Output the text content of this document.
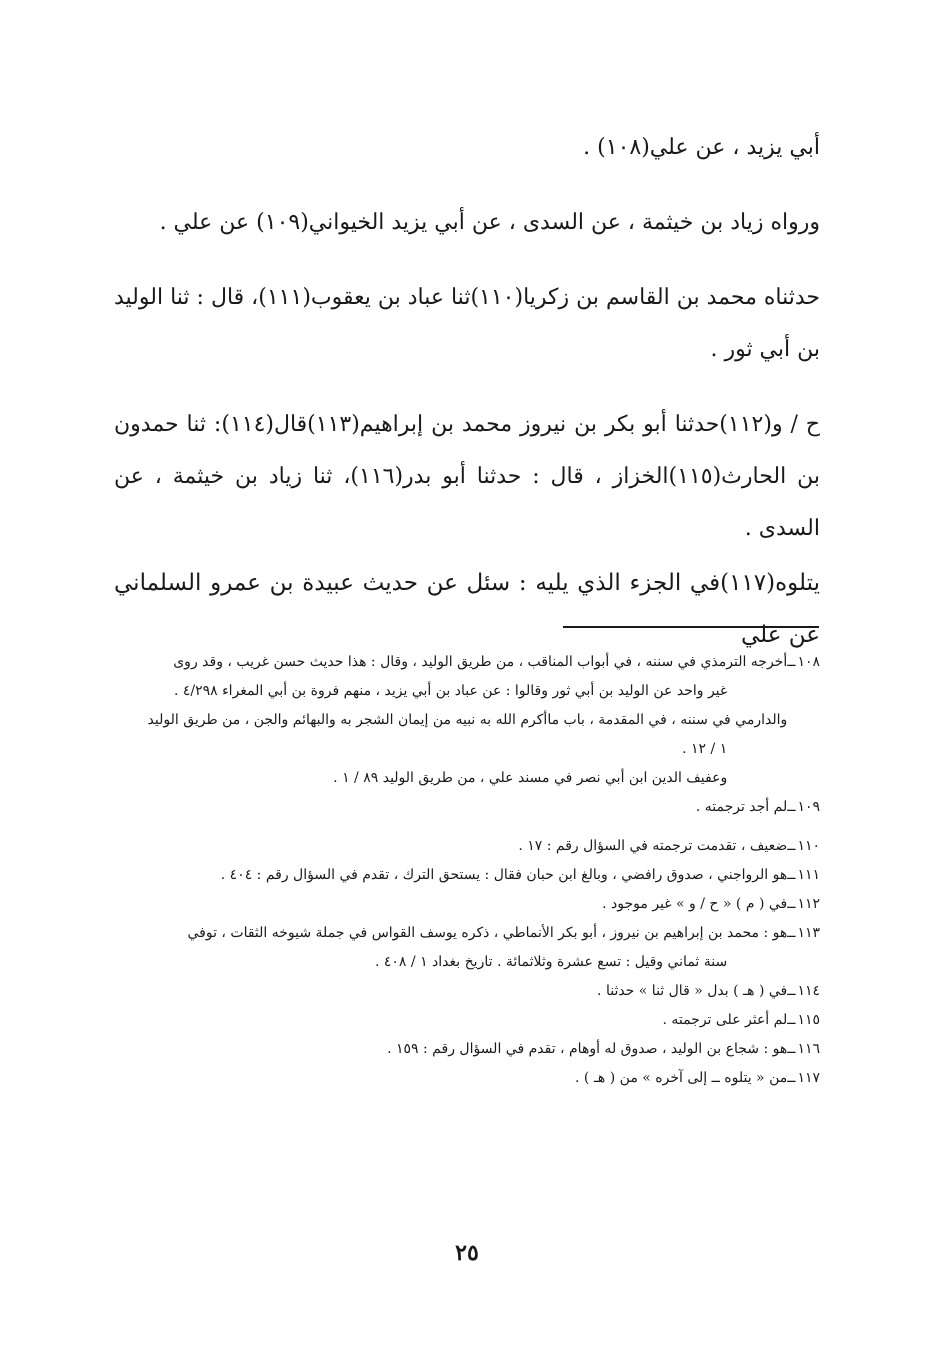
أبي يزيد ، عن علي(١٠٨) .

ورواه زياد بن خيثمة ، عن السدى ، عن أبي يزيد الخيواني(١٠٩) عن علي .

حدثناه محمد بن القاسم بن زكريا(١١٠)ثنا عباد بن يعقوب(١١١)، قال : ثنا الوليد بن أبي ثور .

ح / و(١١٢)حدثنا أبو بكر بن نيروز محمد بن إبراهيم(١١٣)قال(١١٤): ثنا حمدون بن الحارث(١١٥)الخزاز ، قال : حدثنا أبو بدر(١١٦)، ثنا زياد بن خيثمة ، عن السدى .

يتلوه(١١٧)في الجزء الذي يليه : سئل عن حديث عبيدة بن عمرو السلماني عن علي

١٠٨
ــ
أخرجه الترمذي في سننه ، في أبواب المناقب ، من طريق الوليد ، وقال : هذا حديث حسن غريب ، وقد روى
غير واحد عن الوليد بن أبي ثور وقالوا : عن عباد بن أبي يزيد ، منهم فروة بن أبي المغراء ٤/٢٩٨ .
والدارمي في سننه ، في المقدمة ، باب ماأكرم الله به نبيه من إيمان الشجر به والبهائم والجن ، من طريق الوليد
١ / ١٢ .
وعفيف الدين ابن أبي نصر في مسند علي ، من طريق الوليد ٨٩ / ١ .
١٠٩
ــ
لم أجد ترجمته .
١١٠
ــ
ضعيف ، تقدمت ترجمته في السؤال رقم : ١٧ .
١١١
ــ
هو الرواجني ، صدوق رافضي ، وبالغ ابن حبان فقال : يستحق الترك ، تقدم في السؤال رقم : ٤٠٤ .
١١٢
ــ
في ( م ) « ح / و » غير موجود .
١١٣
ــ
هو : محمد بن إبراهيم بن نيروز ، أبو بكر الأنماطي ، ذكره يوسف القواس في جملة شيوخه الثقات ، توفي
سنة ثماني وقيل : تسع عشرة وثلاثمائة . تاريخ بغداد ١ / ٤٠٨ .
١١٤
ــ
في ( هـ ) بدل « قال ثنا » حدثنا .
١١٥
ــ
لم أعثر على ترجمته .
١١٦
ــ
هو : شجاع بن الوليد ، صدوق له أوهام ، تقدم في السؤال رقم : ١٥٩ .
١١٧
ــ
من « يتلوه ــ إلى آخره » من ( هـ ) .
٢٥
